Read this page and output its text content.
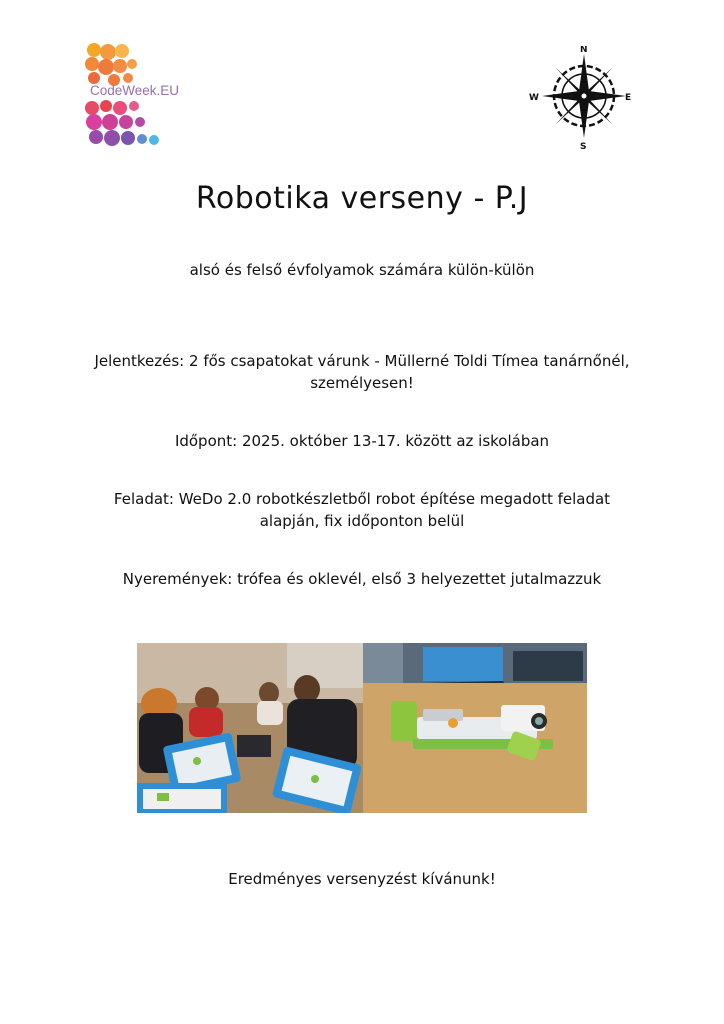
CodeWeek.EU
N
S
W	E
Robotika verseny - P.J
alsó és felső évfolyamok számára külön-külön
Jelentkezés: 2 fős csapatokat várunk - Müllerné Toldi Tímea tanárnőnél, személyesen!
Időpont: 2025. október 13-17. között az iskolában
Feladat: WeDo 2.0 robotkészletből robot építése megadott feladat alapján, fix időponton belül
Nyeremények: trófea és oklevél, első 3 helyezettet jutalmazzuk
Eredményes versenyzést kívánunk!
